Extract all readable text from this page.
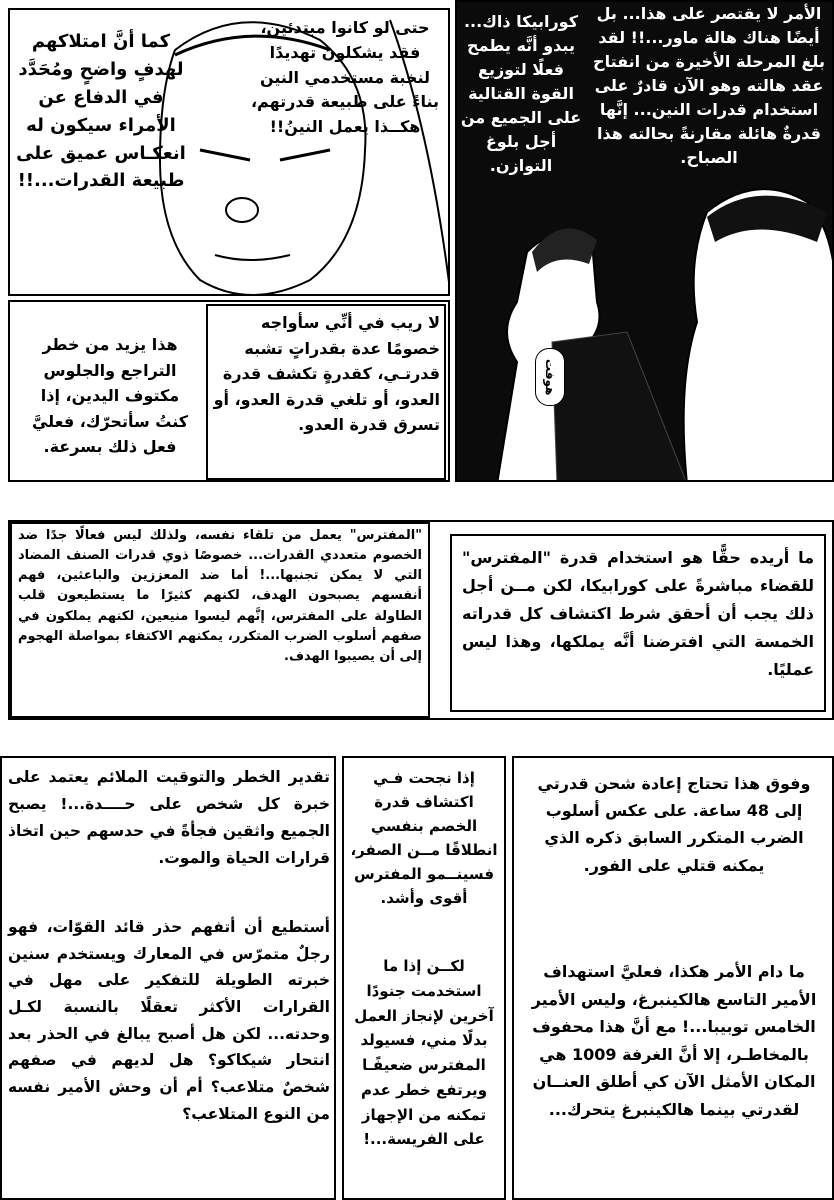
كما أنَّ امتلاكهم لهدفٍ واضحٍ ومُحَدَّد في الدفاع عن الأمراء سيكون له انعكـاس عميق على طبيعة القدرات...!!
حتى لو كانوا مبتدئين، فقد يشكلون تهديدًا لنخبة مستخدمي النين بناءً على طبيعة قدرتهم، هكــذا يعمل النينُ!!
كورابيكا ذاك... يبدو أنَّه يطمح فعلًا لتوزيع القوة القتالية على الجميع من أجل بلوغ التوازن.
الأمر لا يقتصر على هذا... بل أيضًا هناك هالة ماور...!! لقد بلغ المرحلة الأخيرة من انفتاح عقد هالته وهو الآن قادرٌ على استخدام قدرات النين... إنَّها قدرةٌ هائلة مقارنةً بحالته هذا الصباح.
هوفت
لا ريب في أنِّي سأواجه خصومًا عدة بقدراتٍ تشبه قدرتـي، كقدرةٍ تكشف قدرة العدو، أو تلغي قدرة العدو، أو تسرق قدرة العدو.
هذا يزيد من خطر التراجع والجلوس مكتوف اليدين، إذا كنتُ سأتحرّك، فعليَّ فعل ذلك بسرعة.
"المفترس" يعمل من تلقاء نفسه، ولذلك ليس فعالًا جدًا ضد الخصوم متعددي القدرات... خصوصًا ذوي قدرات الصنف المضاد التي لا يمكن تجنبها...! أما ضد المعززين والباعثين، فهم أنفسهم يصبحون الهدف، لكنهم كثيرًا ما يستطيعون قلب الطاولة على المفترس، إنَّهم ليسوا منيعين، لكنهم يملكون في صفهم أسلوب الضرب المتكرر، يمكنهم الاكتفاء بمواصلة الهجوم إلى أن يصيبوا الهدف.
ما أريده حقًّا هو استخدام قدرة "المفترس" للقضاء مباشرةً على كورابيكا، لكن مــن أجل ذلك يجب أن أحقق شرط اكتشاف كل قدراته الخمسة التي افترضنا أنَّه يملكها، وهذا ليس عمليًا.
وفوق هذا تحتاج إعادة شحن قدرتي إلى 48 ساعة. على عكس أسلوب الضرب المتكرر السابق ذكره الذي يمكنه قتلي على الفور.
ما دام الأمر هكذا، فعليَّ استهداف الأمير التاسع هالكينبرغ، وليس الأمير الخامس توبيبا...! مع أنَّ هذا محفوف بالمخاطـر، إلا أنَّ الغرفة 1009 هي المكان الأمثل الآن كي أطلق العنــان لقدرتي بينما هالكينبرغ يتحرك...
إذا نجحت فـي اكتشاف قدرة الخصم بنفسي انطلاقًا مــن الصفر، فسينــمو المفترس أقوى وأشد.
لكــن إذا ما استخدمت جنودًا آخرين لإنجاز العمل بدلًا مني، فسيولد المفترس ضعيفًـا ويرتفع خطر عدم تمكنه من الإجهاز على الفريسة...!
تقدير الخطر والتوقيت الملائم يعتمد على خبرة كل شخص على حــــدة...! يصبح الجميع واثقين فجأةً في حدسهم حين اتخاذ قرارات الحياة والموت.
أستطيع أن أتفهم حذر قائد القوّات، فهو رجلٌ متمرّس في المعارك ويستخدم سنين خبرته الطويلة للتفكير على مهل في القرارات الأكثر تعقلًا بالنسبة لكـل وحدته... لكن هل أصبح يبالغ في الحذر بعد انتحار شيكاكو؟ هل لديهم في صفهم شخصٌ متلاعب؟ أم أن وحش الأمير نفسه من النوع المتلاعب؟
